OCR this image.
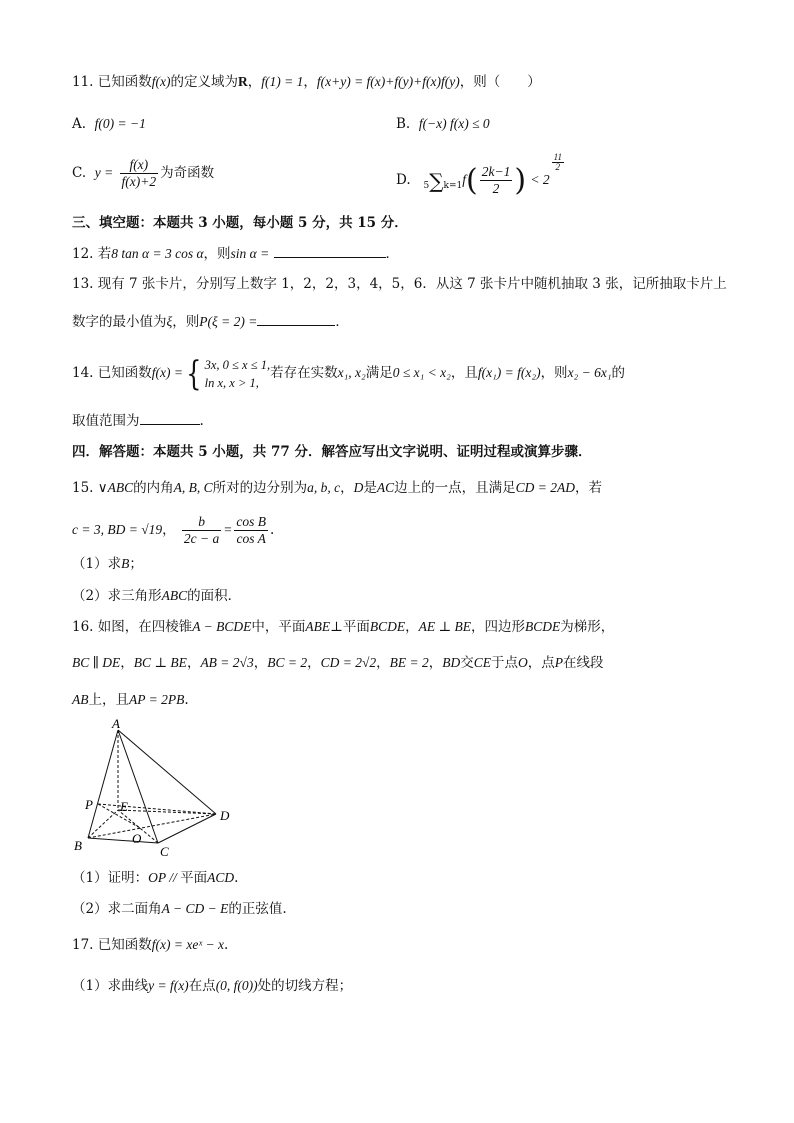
11. 已知函数f(x)的定义域为R，f(1) = 1，f(x+y) = f(x)+f(y)+f(x)f(y)，则（　　）
A. f(0) = −1	B. f(−x) f(x) ≤ 0
C. $y = \frac{f(x)}{f(x)+2}$ 为奇函数	D. $5\sum k=1f( \frac{2k-1}{2}$ ) < 2
$\frac{11}{2}$
三、填空题：本题共 3 小题，每小题 5 分，共 15 分．
12. 若8 tan α = 3 cos α，则sin α =	．
13. 现有 7 张卡片，分别写上数字 1，2，2，3，4，5，6．从这 7 张卡片中随机抽取 3 张，记所抽取卡片上
数字的最小值为ξ，则P(ξ = 2) =	．
14. 已知函数f(x) ={ 3x, 0 ≤ x ≤ 1,
ln x, x > 1,
若存在实数x₁, x₂满足0 ≤ x₁ < x₂，且f(x₁) = f(x₂)，则x₂ − 6x₁的
取值范围为	.
四．解答题：本题共 5 小题，共 77 分．解答应写出文字说明、证明过程或演算步骤．
15. ∨ABC的内角A, B, C所对的边分别为a, b, c，D是AC边上的一点，且满足CD = 2AD，若
c = 3, BD = √19， $\frac{b}{2c - a} = \frac{\text{cos B}}{\text{cos A}}$ .
（1）求B；
（2）求三角形ABC的面积．
16. 如图，在四棱锥A − BCDE中，平面ABE⊥平面BCDE，AE ⊥ BE，四边形BCDE为梯形，
BC ∥ DE，BC ⊥ BE，AB = 2√3，BC = 2，CD = 2√2，BE = 2，BD交CE于点O，点P在线段
AB上，且AP = 2PB.
A
P E
O
D
B	C
（1）证明：OP // 平面ACD.
（2）求二面角A − CD − E的正弦值.
17. 已知函数f(x) = xeˣ − x.
（1）求曲线y = f(x)在点(0, f(0))处的切线方程；
